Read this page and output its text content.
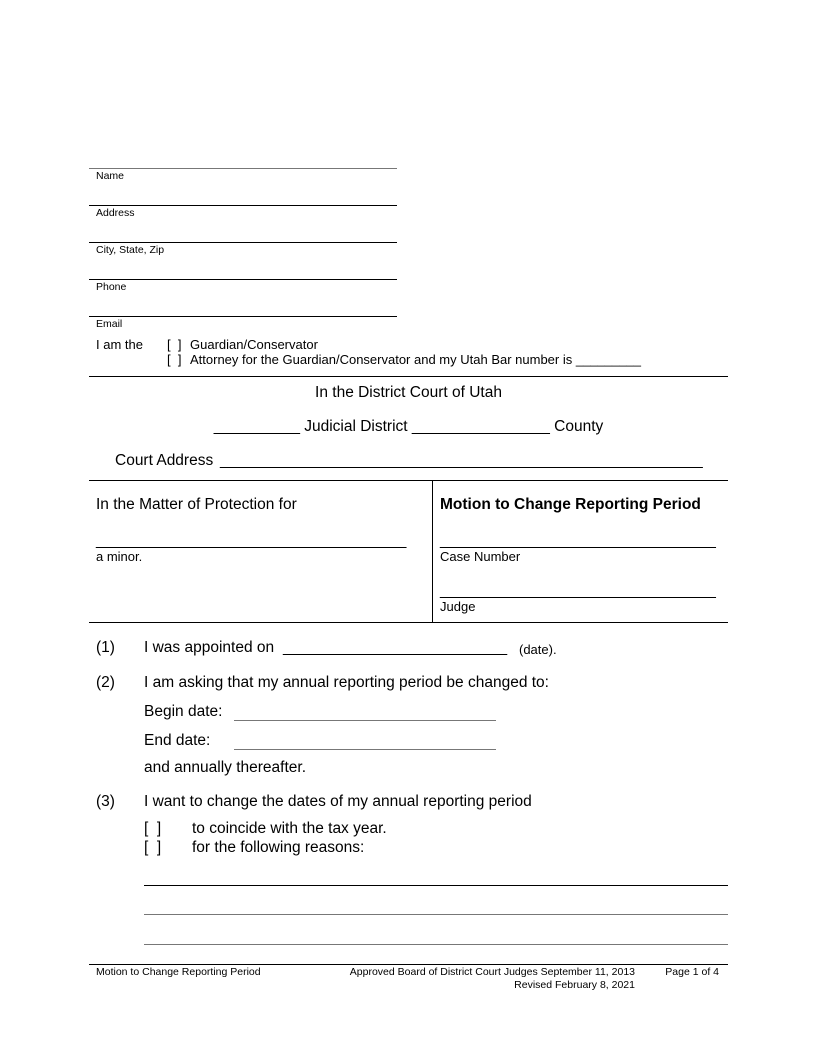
Name
Address
City, State, Zip
Phone
Email
I am the [  ] Guardian/Conservator
[  ] Attorney for the Guardian/Conservator and my Utah Bar number is _________
In the District Court of Utah
__________ Judicial District ________________ County
Court Address ________________________________________________________
In the Matter of Protection for
____________________________________
a minor.
Motion to Change Reporting Period
________________________________
Case Number
________________________________
Judge
(1) I was appointed on __________________________ (date).
(2) I am asking that my annual reporting period be changed to:
Begin date:
End date:
and annually thereafter.
(3) I want to change the dates of my annual reporting period
[  ] to coincide with the tax year.
[  ] for the following reasons:
Motion to Change Reporting Period	Approved Board of District Court Judges September 11, 2013
Revised February 8, 2021
Page 1 of 4
